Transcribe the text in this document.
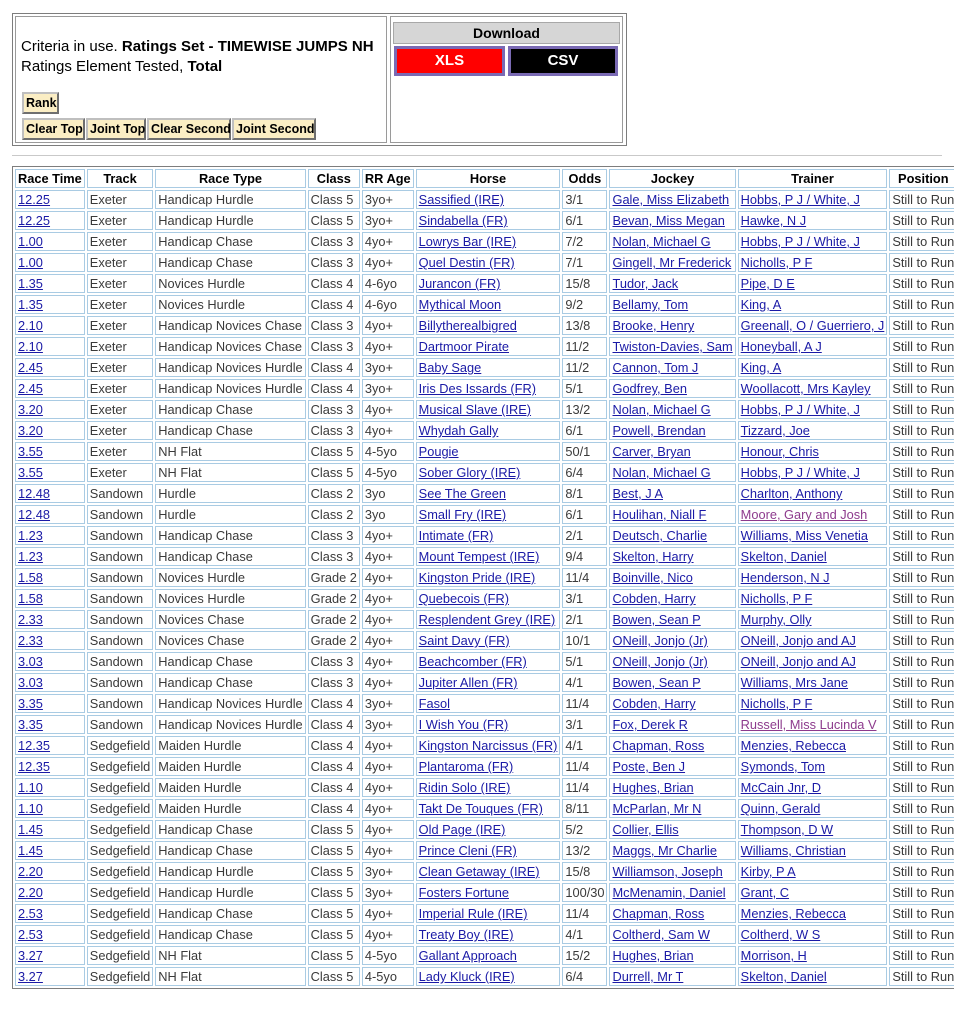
Criteria in use. Ratings Set - TIMEWISE JUMPS NH
Ratings Element Tested, Total
Rank
Clear Top Joint Top Clear Second Joint Second
Download
XLS	CSV
Race Time	Track	Race Type	Class	RR Age	Horse	Odds	Jockey	Trainer	Position
12.25	Exeter	Handicap Hurdle	Class 5	3yo+	Sassified (IRE)	3/1	Gale, Miss Elizabeth	Hobbs, P J / White, J	Still to Run
12.25	Exeter	Handicap Hurdle	Class 5	3yo+	Sindabella (FR)	6/1	Bevan, Miss Megan	Hawke, N J	Still to Run
1.00	Exeter	Handicap Chase	Class 3	4yo+	Lowrys Bar (IRE)	7/2	Nolan, Michael G	Hobbs, P J / White, J	Still to Run
1.00	Exeter	Handicap Chase	Class 3	4yo+	Quel Destin (FR)	7/1	Gingell, Mr Frederick	Nicholls, P F	Still to Run
1.35	Exeter	Novices Hurdle	Class 4	4-6yo	Jurancon (FR)	15/8	Tudor, Jack	Pipe, D E	Still to Run
1.35	Exeter	Novices Hurdle	Class 4	4-6yo	Mythical Moon	9/2	Bellamy, Tom	King, A	Still to Run
2.10	Exeter	Handicap Novices Chase	Class 3	4yo+	Billytherealbigred	13/8	Brooke, Henry	Greenall, O / Guerriero, J	Still to Run
2.10	Exeter	Handicap Novices Chase	Class 3	4yo+	Dartmoor Pirate	11/2	Twiston-Davies, Sam	Honeyball, A J	Still to Run
2.45	Exeter	Handicap Novices Hurdle	Class 4	3yo+	Baby Sage	11/2	Cannon, Tom J	King, A	Still to Run
2.45	Exeter	Handicap Novices Hurdle	Class 4	3yo+	Iris Des Issards (FR)	5/1	Godfrey, Ben	Woollacott, Mrs Kayley	Still to Run
3.20	Exeter	Handicap Chase	Class 3	4yo+	Musical Slave (IRE)	13/2	Nolan, Michael G	Hobbs, P J / White, J	Still to Run
3.20	Exeter	Handicap Chase	Class 3	4yo+	Whydah Gally	6/1	Powell, Brendan	Tizzard, Joe	Still to Run
3.55	Exeter	NH Flat	Class 5	4-5yo	Pougie	50/1	Carver, Bryan	Honour, Chris	Still to Run
3.55	Exeter	NH Flat	Class 5	4-5yo	Sober Glory (IRE)	6/4	Nolan, Michael G	Hobbs, P J / White, J	Still to Run
12.48	Sandown	Hurdle	Class 2	3yo	See The Green	8/1	Best, J A	Charlton, Anthony	Still to Run
12.48	Sandown	Hurdle	Class 2	3yo	Small Fry (IRE)	6/1	Houlihan, Niall F	Moore, Gary and Josh	Still to Run
1.23	Sandown	Handicap Chase	Class 3	4yo+	Intimate (FR)	2/1	Deutsch, Charlie	Williams, Miss Venetia	Still to Run
1.23	Sandown	Handicap Chase	Class 3	4yo+	Mount Tempest (IRE)	9/4	Skelton, Harry	Skelton, Daniel	Still to Run
1.58	Sandown	Novices Hurdle	Grade 2	4yo+	Kingston Pride (IRE)	11/4	Boinville, Nico	Henderson, N J	Still to Run
1.58	Sandown	Novices Hurdle	Grade 2	4yo+	Quebecois (FR)	3/1	Cobden, Harry	Nicholls, P F	Still to Run
2.33	Sandown	Novices Chase	Grade 2	4yo+	Resplendent Grey (IRE)	2/1	Bowen, Sean P	Murphy, Olly	Still to Run
2.33	Sandown	Novices Chase	Grade 2	4yo+	Saint Davy (FR)	10/1	ONeill, Jonjo (Jr)	ONeill, Jonjo and AJ	Still to Run
3.03	Sandown	Handicap Chase	Class 3	4yo+	Beachcomber (FR)	5/1	ONeill, Jonjo (Jr)	ONeill, Jonjo and AJ	Still to Run
3.03	Sandown	Handicap Chase	Class 3	4yo+	Jupiter Allen (FR)	4/1	Bowen, Sean P	Williams, Mrs Jane	Still to Run
3.35	Sandown	Handicap Novices Hurdle	Class 4	3yo+	Fasol	11/4	Cobden, Harry	Nicholls, P F	Still to Run
3.35	Sandown	Handicap Novices Hurdle	Class 4	3yo+	I Wish You (FR)	3/1	Fox, Derek R	Russell, Miss Lucinda V	Still to Run
12.35	Sedgefield	Maiden Hurdle	Class 4	4yo+	Kingston Narcissus (FR)	4/1	Chapman, Ross	Menzies, Rebecca	Still to Run
12.35	Sedgefield	Maiden Hurdle	Class 4	4yo+	Plantaroma (FR)	11/4	Poste, Ben J	Symonds, Tom	Still to Run
1.10	Sedgefield	Maiden Hurdle	Class 4	4yo+	Ridin Solo (IRE)	11/4	Hughes, Brian	McCain Jnr, D	Still to Run
1.10	Sedgefield	Maiden Hurdle	Class 4	4yo+	Takt De Touques (FR)	8/11	McParlan, Mr N	Quinn, Gerald	Still to Run
1.45	Sedgefield	Handicap Chase	Class 5	4yo+	Old Page (IRE)	5/2	Collier, Ellis	Thompson, D W	Still to Run
1.45	Sedgefield	Handicap Chase	Class 5	4yo+	Prince Cleni (FR)	13/2	Maggs, Mr Charlie	Williams, Christian	Still to Run
2.20	Sedgefield	Handicap Hurdle	Class 5	3yo+	Clean Getaway (IRE)	15/8	Williamson, Joseph	Kirby, P A	Still to Run
2.20	Sedgefield	Handicap Hurdle	Class 5	3yo+	Fosters Fortune	100/30	McMenamin, Daniel	Grant, C	Still to Run
2.53	Sedgefield	Handicap Chase	Class 5	4yo+	Imperial Rule (IRE)	11/4	Chapman, Ross	Menzies, Rebecca	Still to Run
2.53	Sedgefield	Handicap Chase	Class 5	4yo+	Treaty Boy (IRE)	4/1	Coltherd, Sam W	Coltherd, W S	Still to Run
3.27	Sedgefield	NH Flat	Class 5	4-5yo	Gallant Approach	15/2	Hughes, Brian	Morrison, H	Still to Run
3.27	Sedgefield	NH Flat	Class 5	4-5yo	Lady Kluck (IRE)	6/4	Durrell, Mr T	Skelton, Daniel	Still to Run
